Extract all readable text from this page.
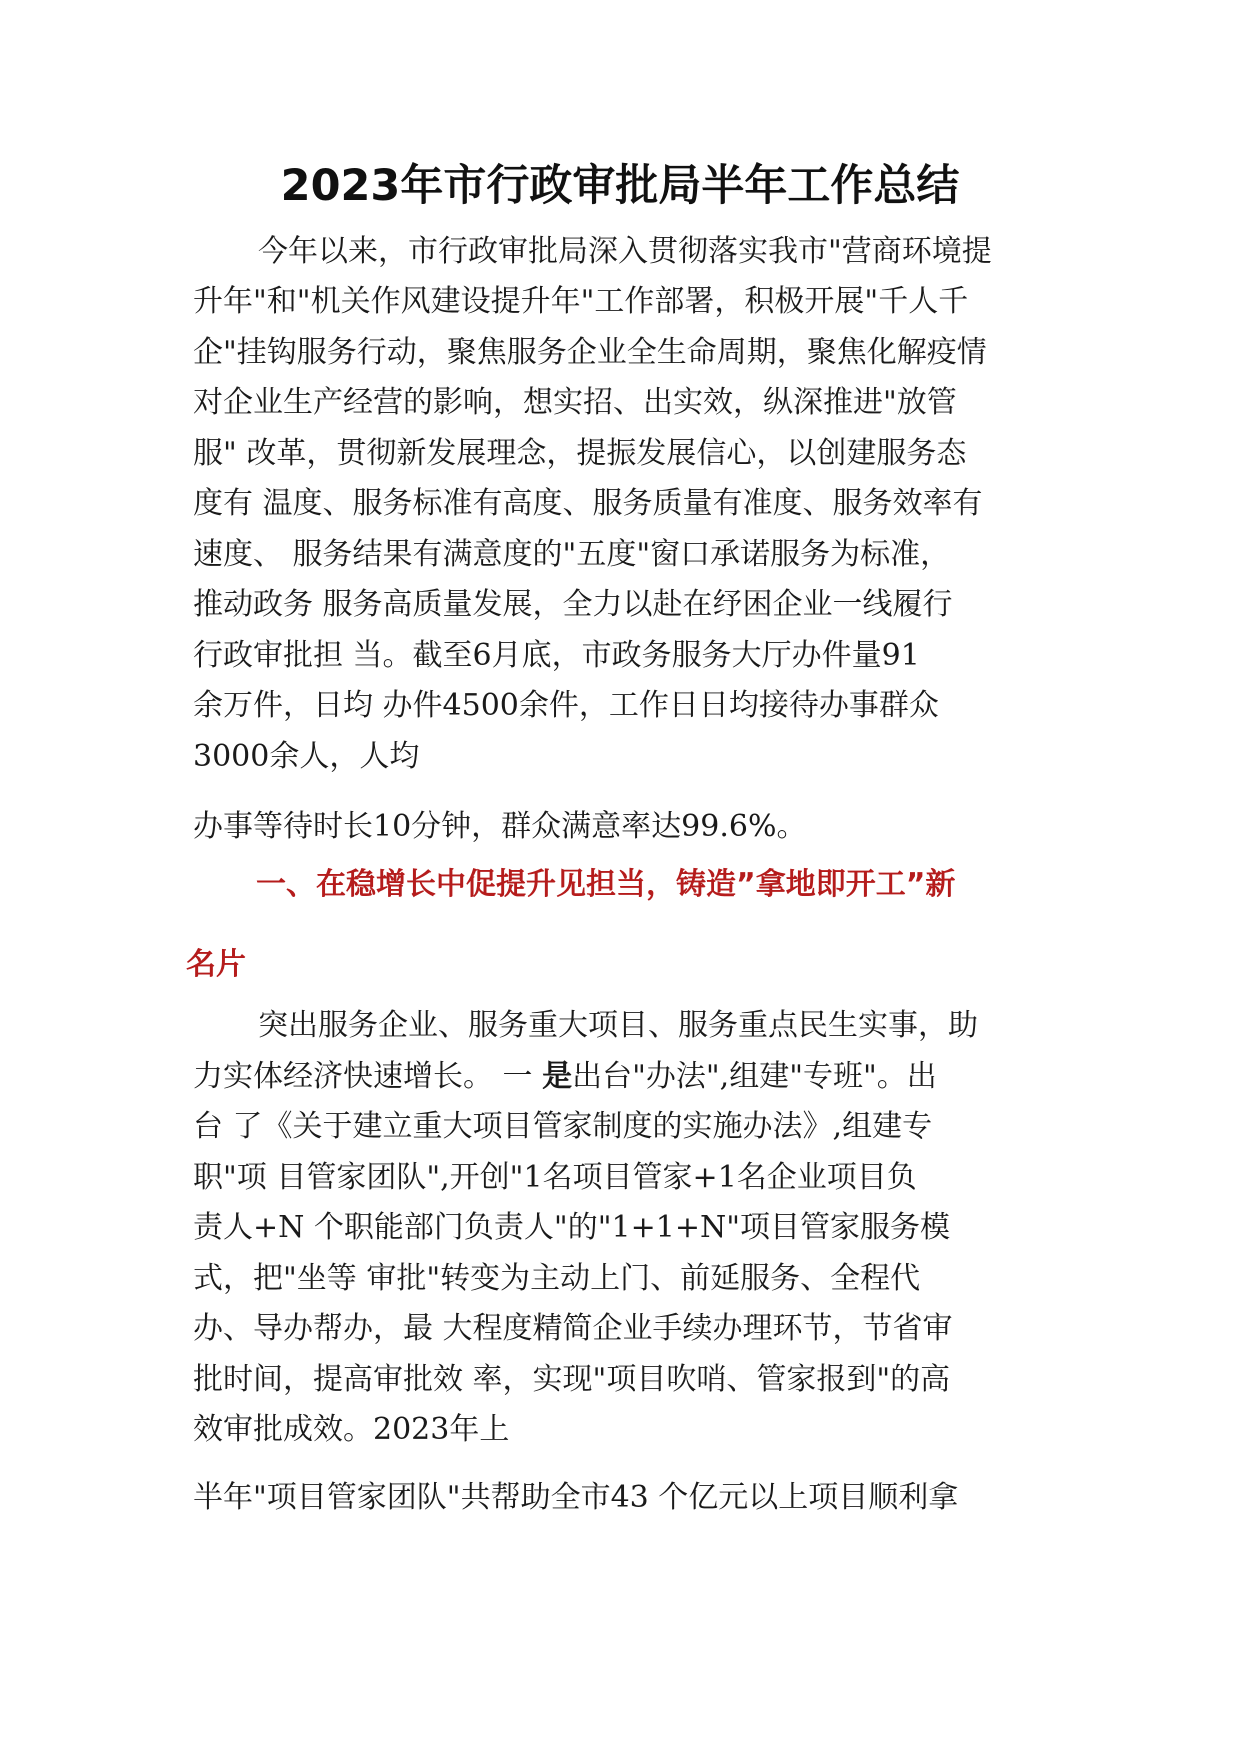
2023年市行政审批局半年工作总结
今年以来，市行政审批局深入贯彻落实我市"营商环境提
升年"和"机关作风建设提升年"工作部署，积极开展"千人千
企"挂钩服务行动，聚焦服务企业全生命周期，聚焦化解疫情
对企业生产经营的影响，想实招、出实效，纵深推进"放管
服" 改革，贯彻新发展理念，提振发展信心，以创建服务态
度有 温度、服务标准有高度、服务质量有准度、服务效率有
速度、 服务结果有满意度的"五度"窗口承诺服务为标准，
推动政务 服务高质量发展，全力以赴在纾困企业一线履行
行政审批担 当。截至6月底，市政务服务大厅办件量91
余万件，日均 办件4500余件，工作日日均接待办事群众
3000余人，人均
办事等待时长10分钟，群众满意率达99.6%。
一、在稳增长中促提升见担当，铸造”拿地即开工”新
名片
突出服务企业、服务重大项目、服务重点民生实事，助
力实体经济快速增长。 一 是出台"办法",组建"专班"。出
台 了《关于建立重大项目管家制度的实施办法》,组建专
职"项 目管家团队",开创"1名项目管家+1名企业项目负
责人+N 个职能部门负责人"的"1+1+N"项目管家服务模
式，把"坐等 审批"转变为主动上门、前延服务、全程代
办、导办帮办，最 大程度精简企业手续办理环节，节省审
批时间，提高审批效 率，实现"项目吹哨、管家报到"的高
效审批成效。2023年上
半年"项目管家团队"共帮助全市43 个亿元以上项目顺利拿
